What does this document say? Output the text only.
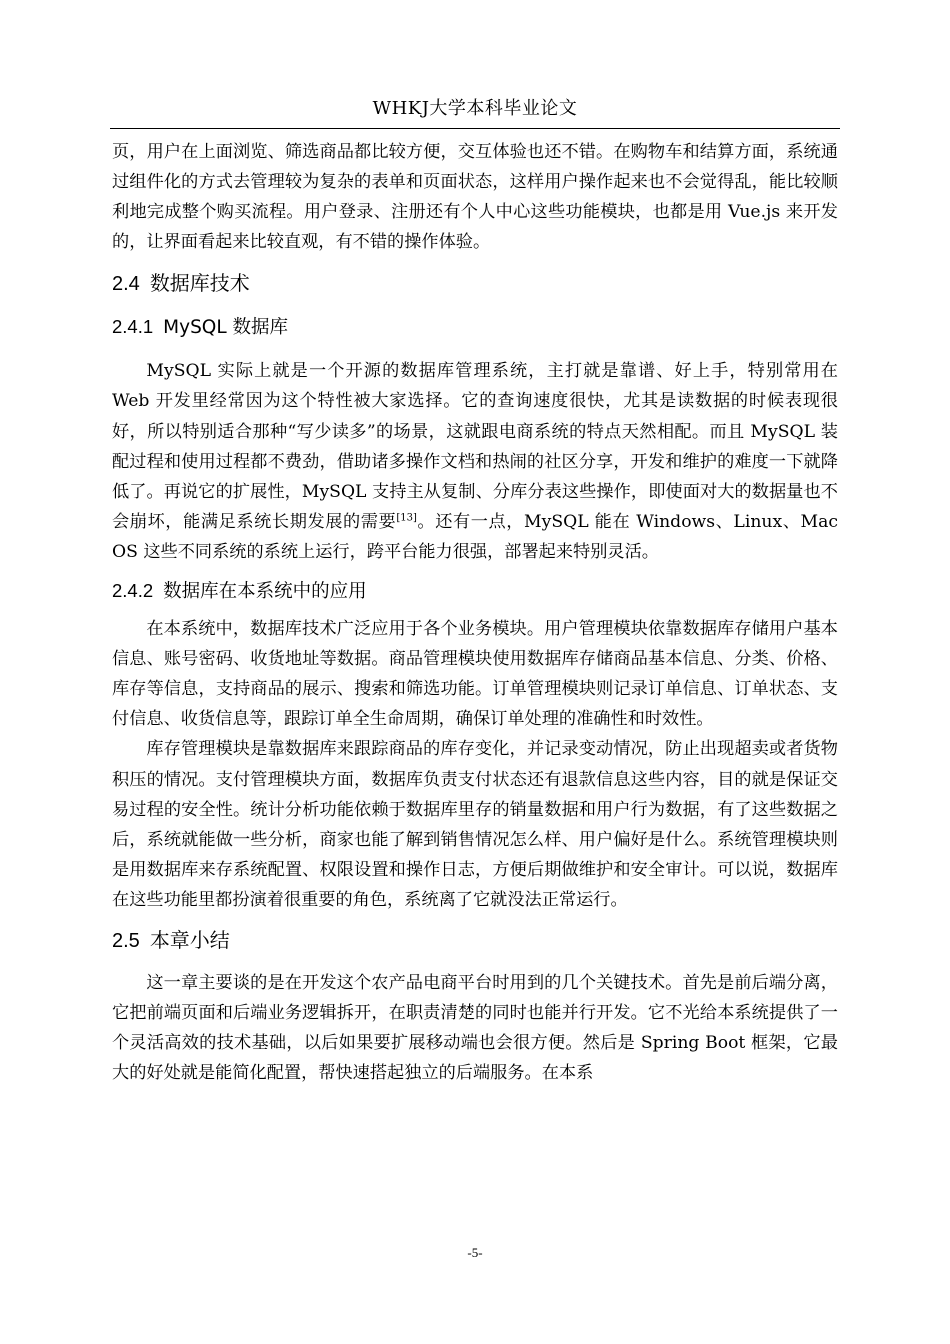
WHKJ大学本科毕业论文

页，用户在上面浏览、筛选商品都比较方便，交互体验也还不错。在购物车和结算方面，系统通过组件化的方式去管理较为复杂的表单和页面状态，这样用户操作起来也不会觉得乱，能比较顺利地完成整个购买流程。用户登录、注册还有个人中心这些功能模块，也都是用 Vue.js 来开发的，让界面看起来比较直观，有不错的操作体验。

2.4 数据库技术
2.4.1 MySQL 数据库

MySQL 实际上就是一个开源的数据库管理系统，主打就是靠谱、好上手，特别常用在 Web 开发里经常因为这个特性被大家选择。它的查询速度很快，尤其是读数据的时候表现很好，所以特别适合那种“写少读多”的场景，这就跟电商系统的特点天然相配。而且 MySQL 装配过程和使用过程都不费劲，借助诸多操作文档和热闹的社区分享，开发和维护的难度一下就降低了。再说它的扩展性，MySQL 支持主从复制、分库分表这些操作，即使面对大的数据量也不会崩坏，能满足系统长期发展的需要[13]。还有一点，MySQL 能在 Windows、Linux、Mac OS 这些不同系统的系统上运行，跨平台能力很强，部署起来特别灵活。

2.4.2 数据库在本系统中的应用

在本系统中，数据库技术广泛应用于各个业务模块。用户管理模块依靠数据库存储用户基本信息、账号密码、收货地址等数据。商品管理模块使用数据库存储商品基本信息、分类、价格、库存等信息，支持商品的展示、搜索和筛选功能。订单管理模块则记录订单信息、订单状态、支付信息、收货信息等，跟踪订单全生命周期，确保订单处理的准确性和时效性。

库存管理模块是靠数据库来跟踪商品的库存变化，并记录变动情况，防止出现超卖或者货物积压的情况。支付管理模块方面，数据库负责支付状态还有退款信息这些内容，目的就是保证交易过程的安全性。统计分析功能依赖于数据库里存的销量数据和用户行为数据，有了这些数据之后，系统就能做一些分析，商家也能了解到销售情况怎么样、用户偏好是什么。系统管理模块则是用数据库来存系统配置、权限设置和操作日志，方便后期做维护和安全审计。可以说，数据库在这些功能里都扮演着很重要的角色，系统离了它就没法正常运行。

2.5 本章小结

这一章主要谈的是在开发这个农产品电商平台时用到的几个关键技术。首先是前后端分离，它把前端页面和后端业务逻辑拆开，在职责清楚的同时也能并行开发。它不光给本系统提供了一个灵活高效的技术基础，以后如果要扩展移动端也会很方便。然后是 Spring Boot 框架，它最大的好处就是能简化配置，帮快速搭起独立的后端服务。在本系

-5-
